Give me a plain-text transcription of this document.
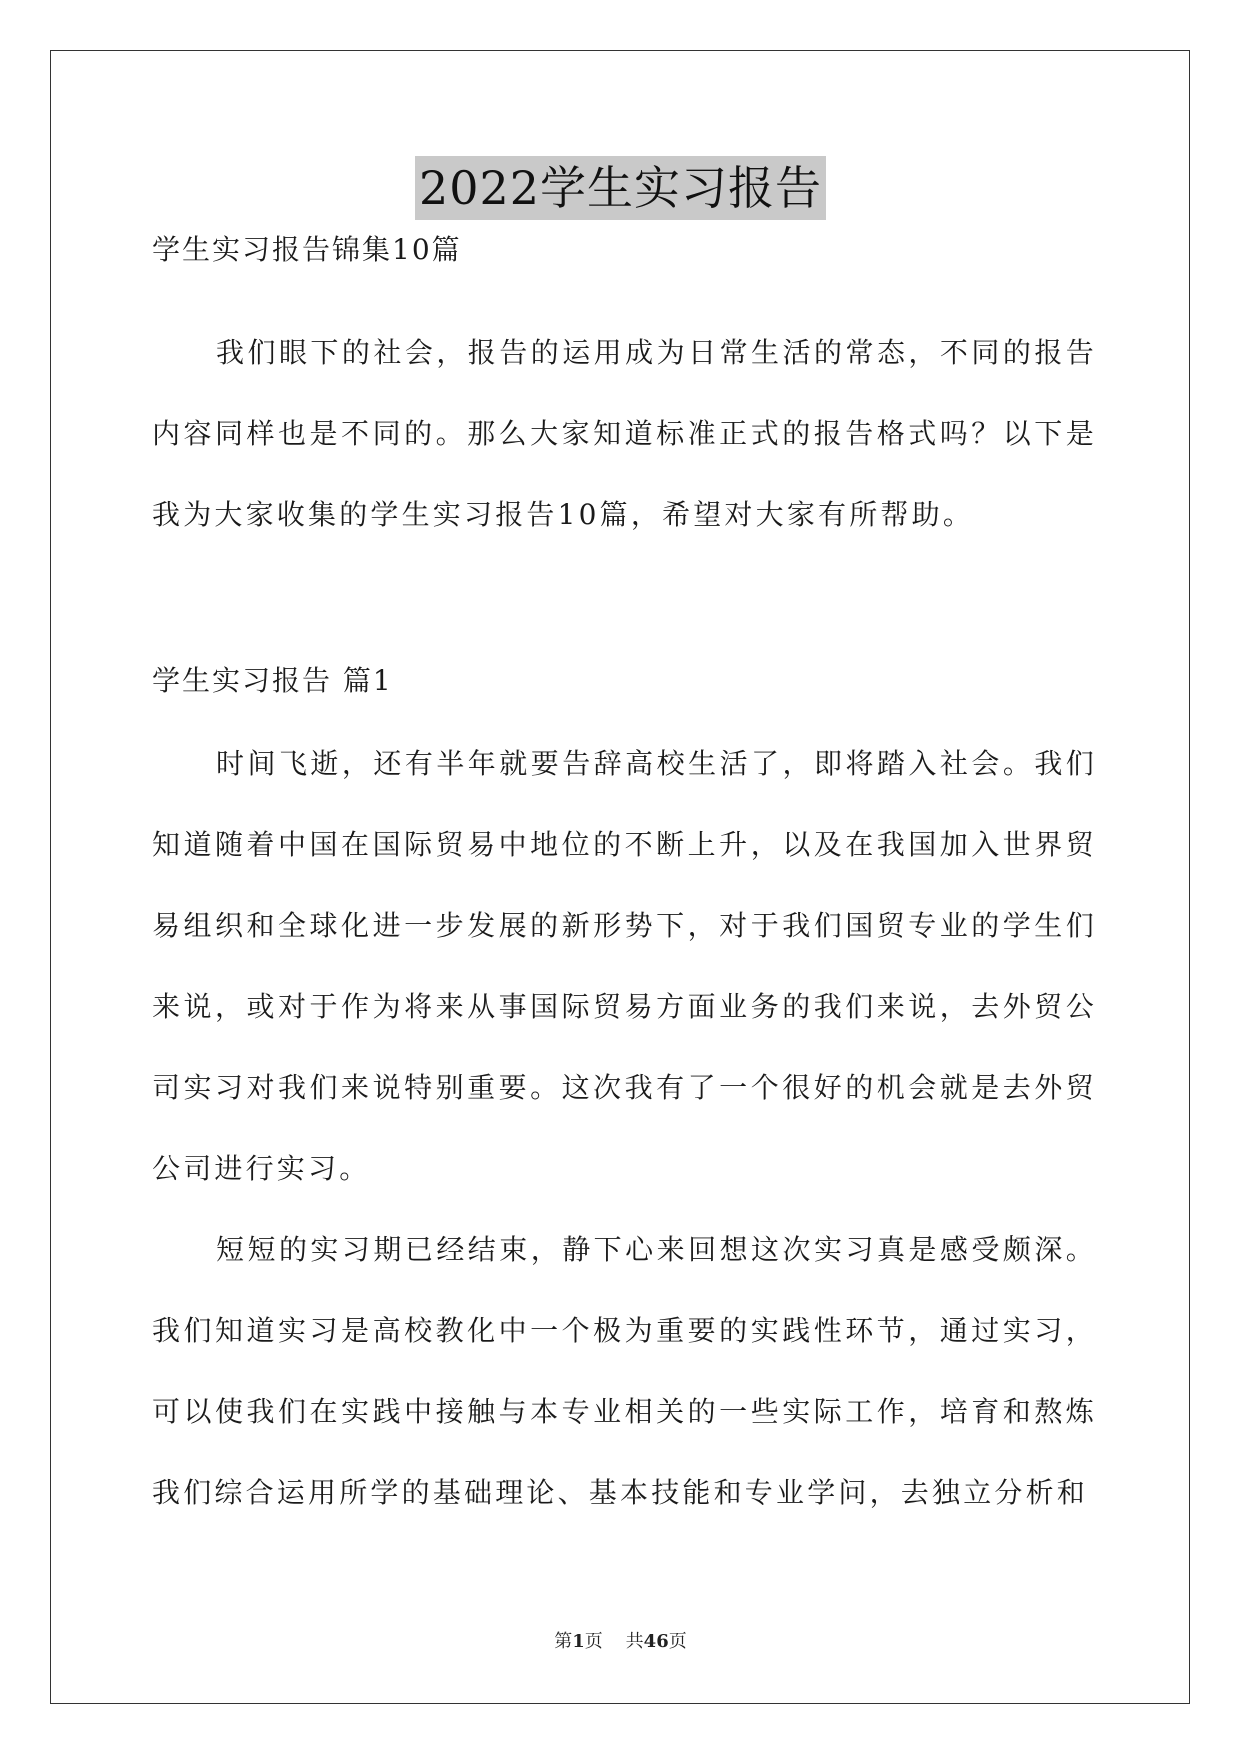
2022学生实习报告

学生实习报告锦集10篇

我们眼下的社会，报告的运用成为日常生活的常态，不同的报告内容同样也是不同的。那么大家知道标准正式的报告格式吗？以下是我为大家收集的学生实习报告10篇，希望对大家有所帮助。

学生实习报告 篇1

时间飞逝，还有半年就要告辞高校生活了，即将踏入社会。我们知道随着中国在国际贸易中地位的不断上升，以及在我国加入世界贸易组织和全球化进一步发展的新形势下，对于我们国贸专业的学生们来说，或对于作为将来从事国际贸易方面业务的我们来说，去外贸公司实习对我们来说特别重要。这次我有了一个很好的机会就是去外贸公司进行实习。

短短的实习期已经结束，静下心来回想这次实习真是感受颇深。我们知道实习是高校教化中一个极为重要的实践性环节，通过实习，可以使我们在实践中接触与本专业相关的一些实际工作，培育和熬炼我们综合运用所学的基础理论、基本技能和专业学问，去独立分析和

第1页 共46页
